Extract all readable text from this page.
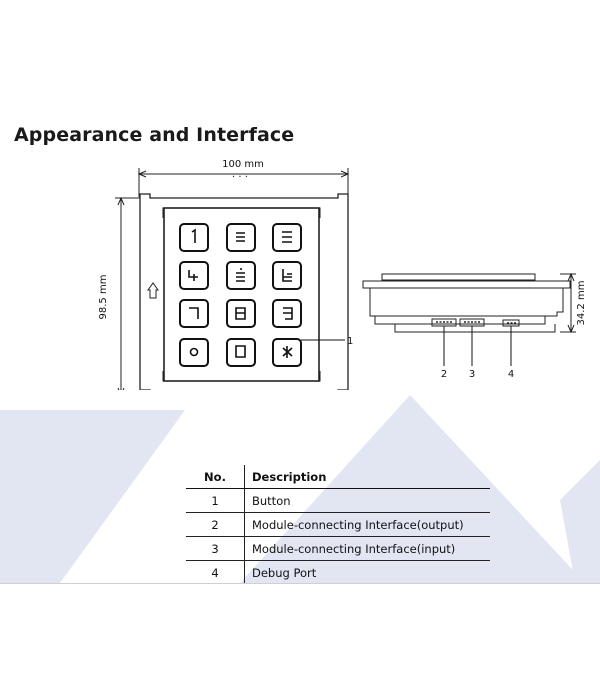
Appearance and Interface
100 mm
· · ·
98.5 mm
1
34.2 mm
2 3	4
No.	Description
1	Button
2	Module-connecting Interface(output)
3	Module-connecting Interface(input)
4	Debug Port
